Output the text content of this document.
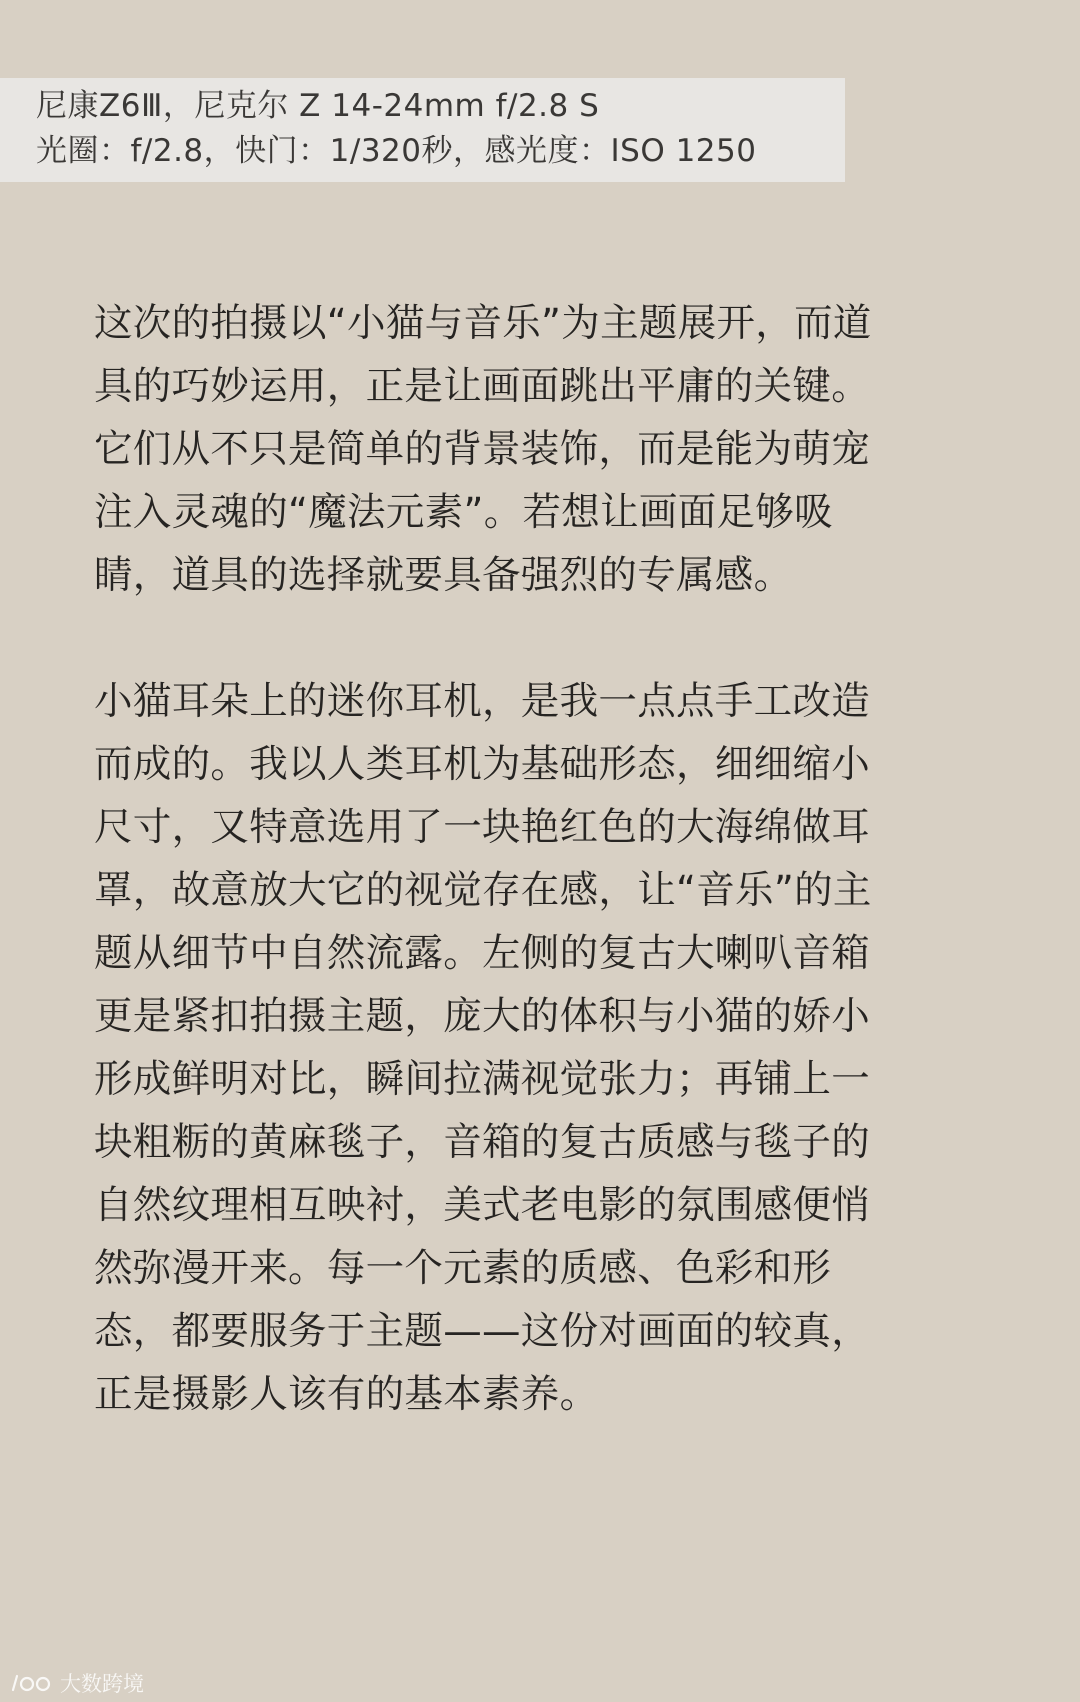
尼康Z6Ⅲ，尼克尔 Z 14-24mm f/2.8 S
光圈：f/2.8，快门：1/320秒，感光度：ISO 1250
这次的拍摄以“小猫与音乐”为主题展开，而道
具的巧妙运用，正是让画面跳出平庸的关键。
它们从不只是简单的背景装饰，而是能为萌宠
注入灵魂的“魔法元素”。若想让画面足够吸
睛，道具的选择就要具备强烈的专属感。
小猫耳朵上的迷你耳机，是我一点点手工改造
而成的。我以人类耳机为基础形态，细细缩小
尺寸，又特意选用了一块艳红色的大海绵做耳
罩，故意放大它的视觉存在感，让“音乐”的主
题从细节中自然流露。左侧的复古大喇叭音箱
更是紧扣拍摄主题，庞大的体积与小猫的娇小
形成鲜明对比，瞬间拉满视觉张力；再铺上一
块粗粝的黄麻毯子，音箱的复古质感与毯子的
自然纹理相互映衬，美式老电影的氛围感便悄
然弥漫开来。每一个元素的质感、色彩和形
态，都要服务于主题——这份对画面的较真，
正是摄影人该有的基本素养。
大数跨境
